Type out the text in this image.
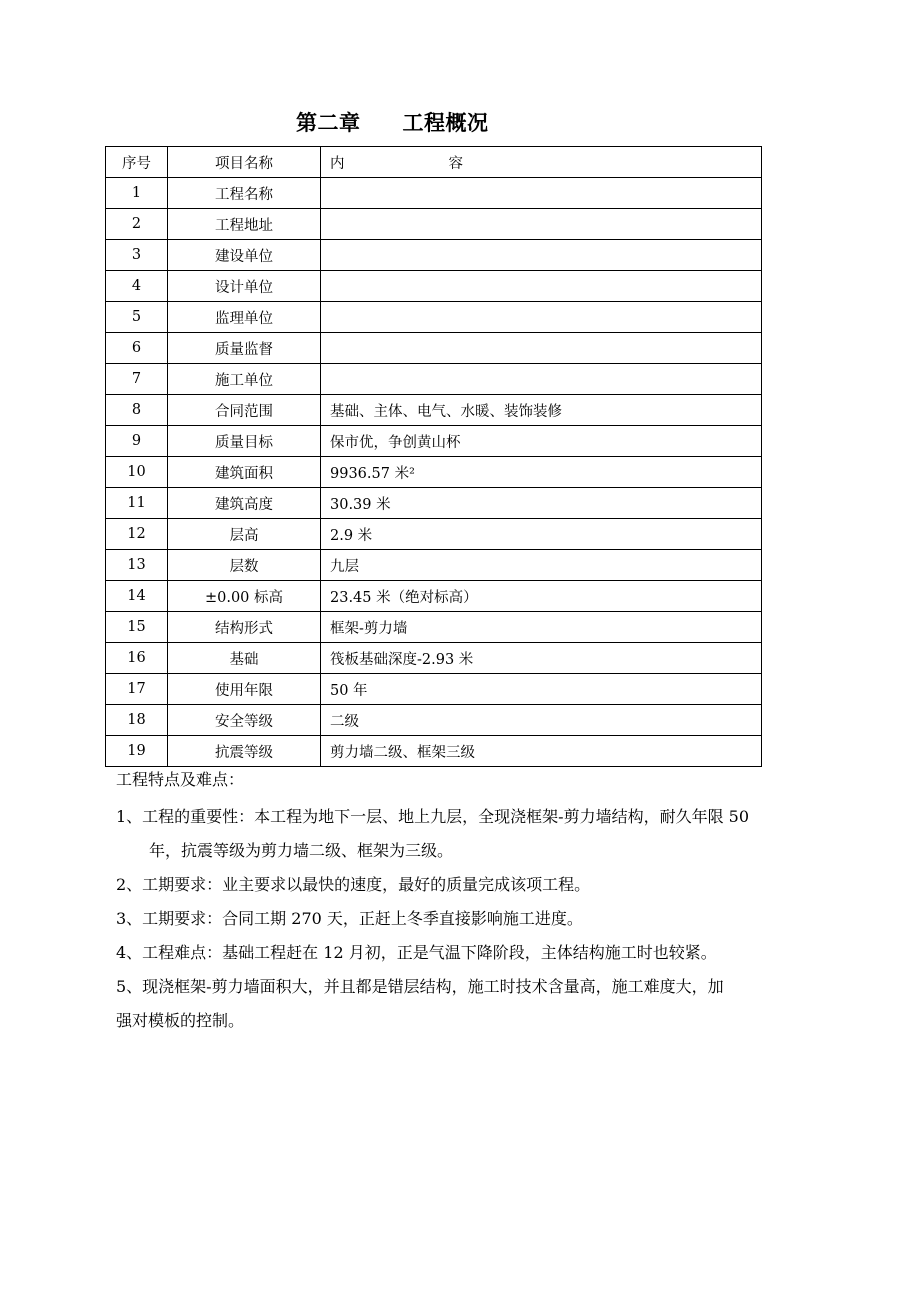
第二章 工程概况
序号	项目名称	内 容
1	工程名称	
2	工程地址	
3	建设单位	
4	设计单位	
5	监理单位	
6	质量监督	
7	施工单位	
8	合同范围	基础、主体、电气、水暖、装饰装修
9	质量目标	保市优，争创黄山杯
10	建筑面积	9936.57 米²
11	建筑高度	30.39 米
12	层高	2.9 米
13	层数	九层
14	±0.00 标高	23.45 米（绝对标高）
15	结构形式	框架-剪力墙
16	基础	筏板基础深度-2.93 米
17	使用年限	50 年
18	安全等级	二级
19	抗震等级	剪力墙二级、框架三级
工程特点及难点：
1、工程的重要性：本工程为地下一层、地上九层，全现浇框架-剪力墙结构，耐久年限 50
年，抗震等级为剪力墙二级、框架为三级。
2、工期要求：业主要求以最快的速度，最好的质量完成该项工程。
3、工期要求：合同工期 270 天，正赶上冬季直接影响施工进度。
4、工程难点：基础工程赶在 12 月初，正是气温下降阶段，主体结构施工时也较紧。
5、现浇框架-剪力墙面积大，并且都是错层结构，施工时技术含量高，施工难度大，加
强对模板的控制。
